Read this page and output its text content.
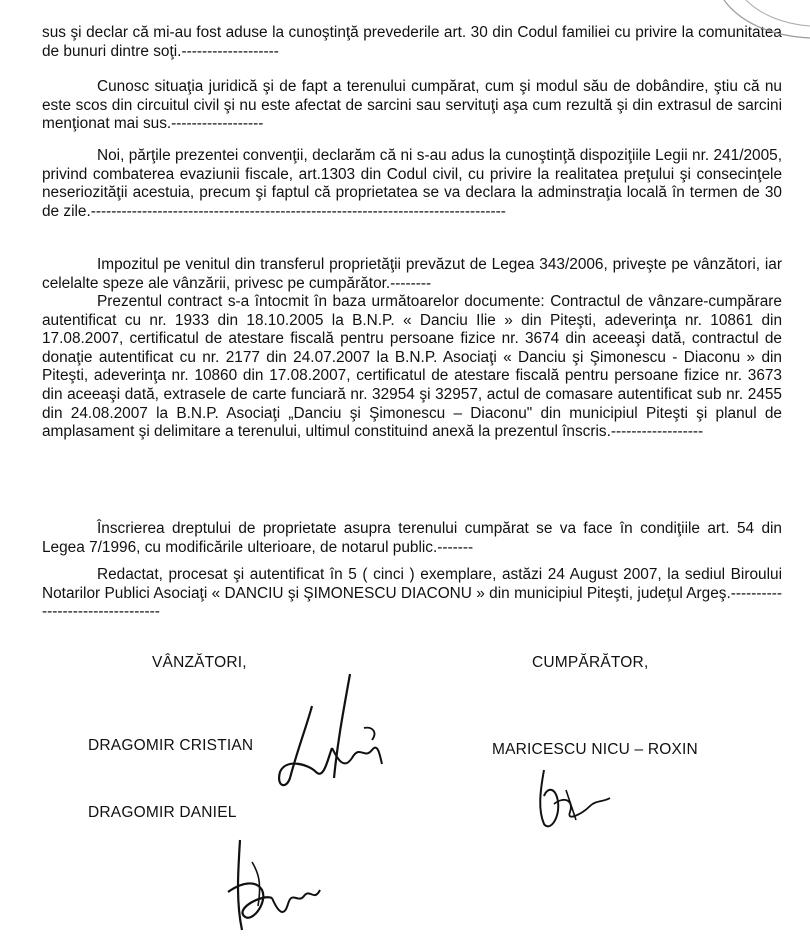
sus şi declar că mi-au fost aduse la cunoştinţă prevederile art. 30 din Codul familiei cu privire la comunitatea de bunuri dintre soţi.-------------------

Cunosc situaţia juridică şi de fapt a terenului cumpărat, cum şi modul său de dobândire, ştiu că nu este scos din circuitul civil şi nu este afectat de sarcini sau servituţi aşa cum rezultă şi din extrasul de sarcini menţionat mai sus.------------------

Noi, părţile prezentei convenţii, declarăm că ni s-au adus la cunoştinţă dispoziţiile Legii nr. 241/2005, privind combaterea evaziunii fiscale, art.1303 din Codul civil, cu privire la realitatea preţului şi consecinţele neseriozităţii acestuia, precum şi faptul că proprietatea se va declara la adminstraţia locală în termen de 30 de zile.---------------------------------------------------------------------------------

Impozitul pe venitul din transferul proprietăţii prevăzut de Legea 343/2006, priveşte pe vânzători, iar celelalte speze ale vânzării, privesc pe cumpărător.--------

Prezentul contract s-a întocmit în baza următoarelor documente: Contractul de vânzare-cumpărare autentificat cu nr. 1933 din 18.10.2005 la B.N.P. « Danciu Ilie » din Piteşti, adeverinţa nr. 10861 din 17.08.2007, certificatul de atestare fiscală pentru persoane fizice nr. 3674 din aceeaşi dată, contractul de donaţie autentificat cu nr. 2177 din 24.07.2007 la B.N.P. Asociaţi « Danciu şi Şimonescu - Diaconu » din Piteşti, adeverinţa nr. 10860 din 17.08.2007, certificatul de atestare fiscală pentru persoane fizice nr. 3673 din aceeaşi dată, extrasele de carte funciară nr. 32954 şi 32957, actul de comasare autentificat sub nr. 2455 din 24.08.2007 la B.N.P. Asociaţi „Danciu şi Şimonescu – Diaconu" din municipiul Piteşti şi planul de amplasament şi delimitare a terenului, ultimul constituind anexă la prezentul înscris.------------------

Înscrierea dreptului de proprietate asupra terenului cumpărat se va face în condiţiile art. 54 din Legea 7/1996, cu modificările ulterioare, de notarul public.-------

Redactat, procesat şi autentificat în 5 ( cinci ) exemplare, astăzi 24 August 2007, la sediul Biroului Notarilor Publici Asociaţi « DANCIU şi ŞIMONESCU DIACONU » din municipiul Piteşti, judeţul Argeş.---------------------------------

VÂNZĂTORI,	CUMPĂRĂTOR,

DRAGOMIR CRISTIAN	MARICESCU NICU – ROXIN

DRAGOMIR DANIEL
